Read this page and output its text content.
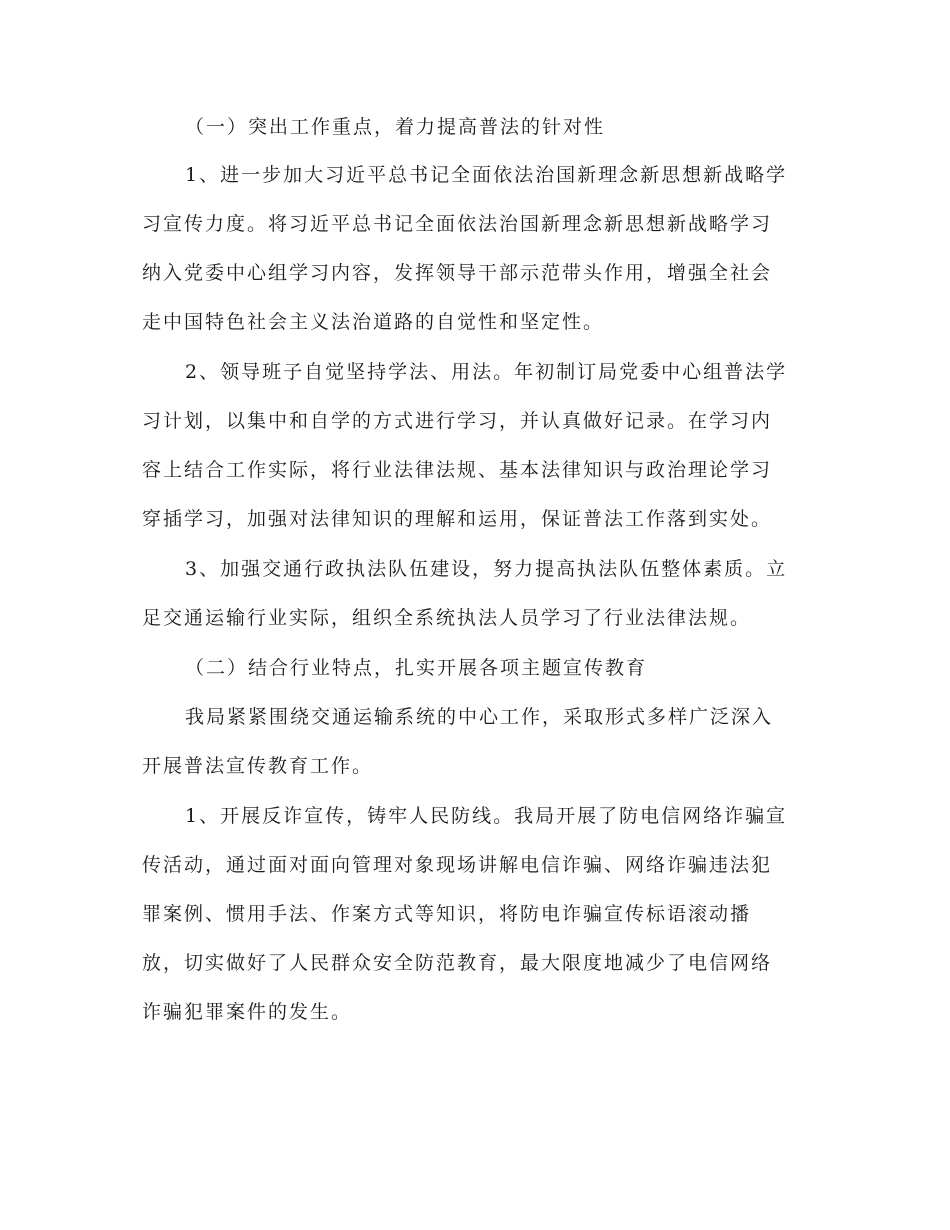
（一）突出工作重点，着力提高普法的针对性

1、进一步加大习近平总书记全面依法治国新理念新思想新战略学

习宣传力度。将习近平总书记全面依法治国新理念新思想新战略学习

纳入党委中心组学习内容，发挥领导干部示范带头作用，增强全社会

走中国特色社会主义法治道路的自觉性和坚定性。

2、领导班子自觉坚持学法、用法。年初制订局党委中心组普法学

习计划，以集中和自学的方式进行学习，并认真做好记录。在学习内

容上结合工作实际，将行业法律法规、基本法律知识与政治理论学习

穿插学习，加强对法律知识的理解和运用，保证普法工作落到实处。

3、加强交通行政执法队伍建设，努力提高执法队伍整体素质。立

足交通运输行业实际，组织全系统执法人员学习了行业法律法规。

（二）结合行业特点，扎实开展各项主题宣传教育

我局紧紧围绕交通运输系统的中心工作，采取形式多样广泛深入

开展普法宣传教育工作。

1、开展反诈宣传，铸牢人民防线。我局开展了防电信网络诈骗宣

传活动，通过面对面向管理对象现场讲解电信诈骗、网络诈骗违法犯

罪案例、惯用手法、作案方式等知识，将防电诈骗宣传标语滚动播

放，切实做好了人民群众安全防范教育，最大限度地减少了电信网络

诈骗犯罪案件的发生。
